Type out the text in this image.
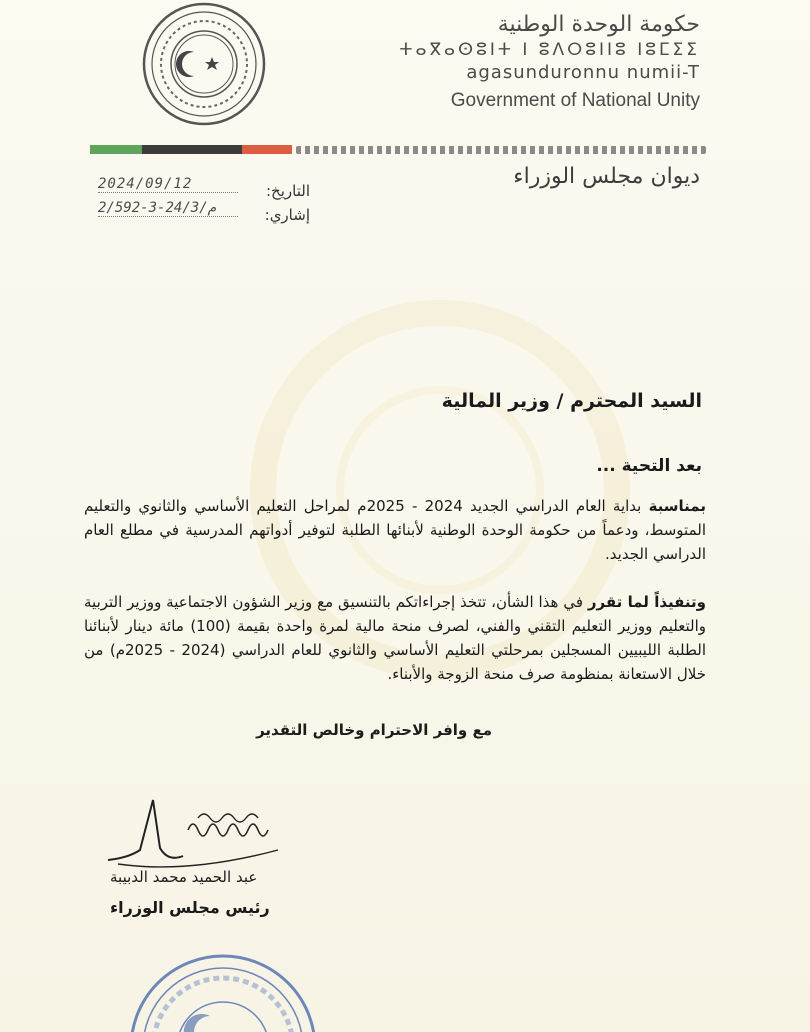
حكومة الوحدة الوطنية
ⵜⴰⴳⴰⵙⵓⵏⵜ ⵏ ⵓⴷⵔⵓⵏⵏⵓ ⵏⵓⵎⵉⵉ
agasunduronnu numii-T
Government of National Unity
ديوان مجلس الوزراء
التاريخ:
2024/09/12
إشاري:
م/24/3-3-2/592
السيد المحترم / وزير المالية
بعد التحية ...
بمناسبة بداية العام الدراسي الجديد 2024 - 2025م لمراحل التعليم الأساسي والثانوي والتعليم المتوسط، ودعماً من حكومة الوحدة الوطنية لأبنائها الطلبة لتوفير أدواتهم المدرسية في مطلع العام الدراسي الجديد.
وتنفيذاً لما تقرر في هذا الشأن، تتخذ إجراءاتكم بالتنسيق مع وزير الشؤون الاجتماعية ووزير التربية والتعليم ووزير التعليم التقني والفني، لصرف منحة مالية لمرة واحدة بقيمة (100) مائة دينار لأبنائنا الطلبة الليبيين المسجلين بمرحلتي التعليم الأساسي والثانوي للعام الدراسي (2024 - 2025م) من خلال الاستعانة بمنظومة صرف منحة الزوجة والأبناء.
مع وافر الاحترام وخالص التقدير
عبد الحميد محمد الدبيبة
رئيس مجلس الوزراء
